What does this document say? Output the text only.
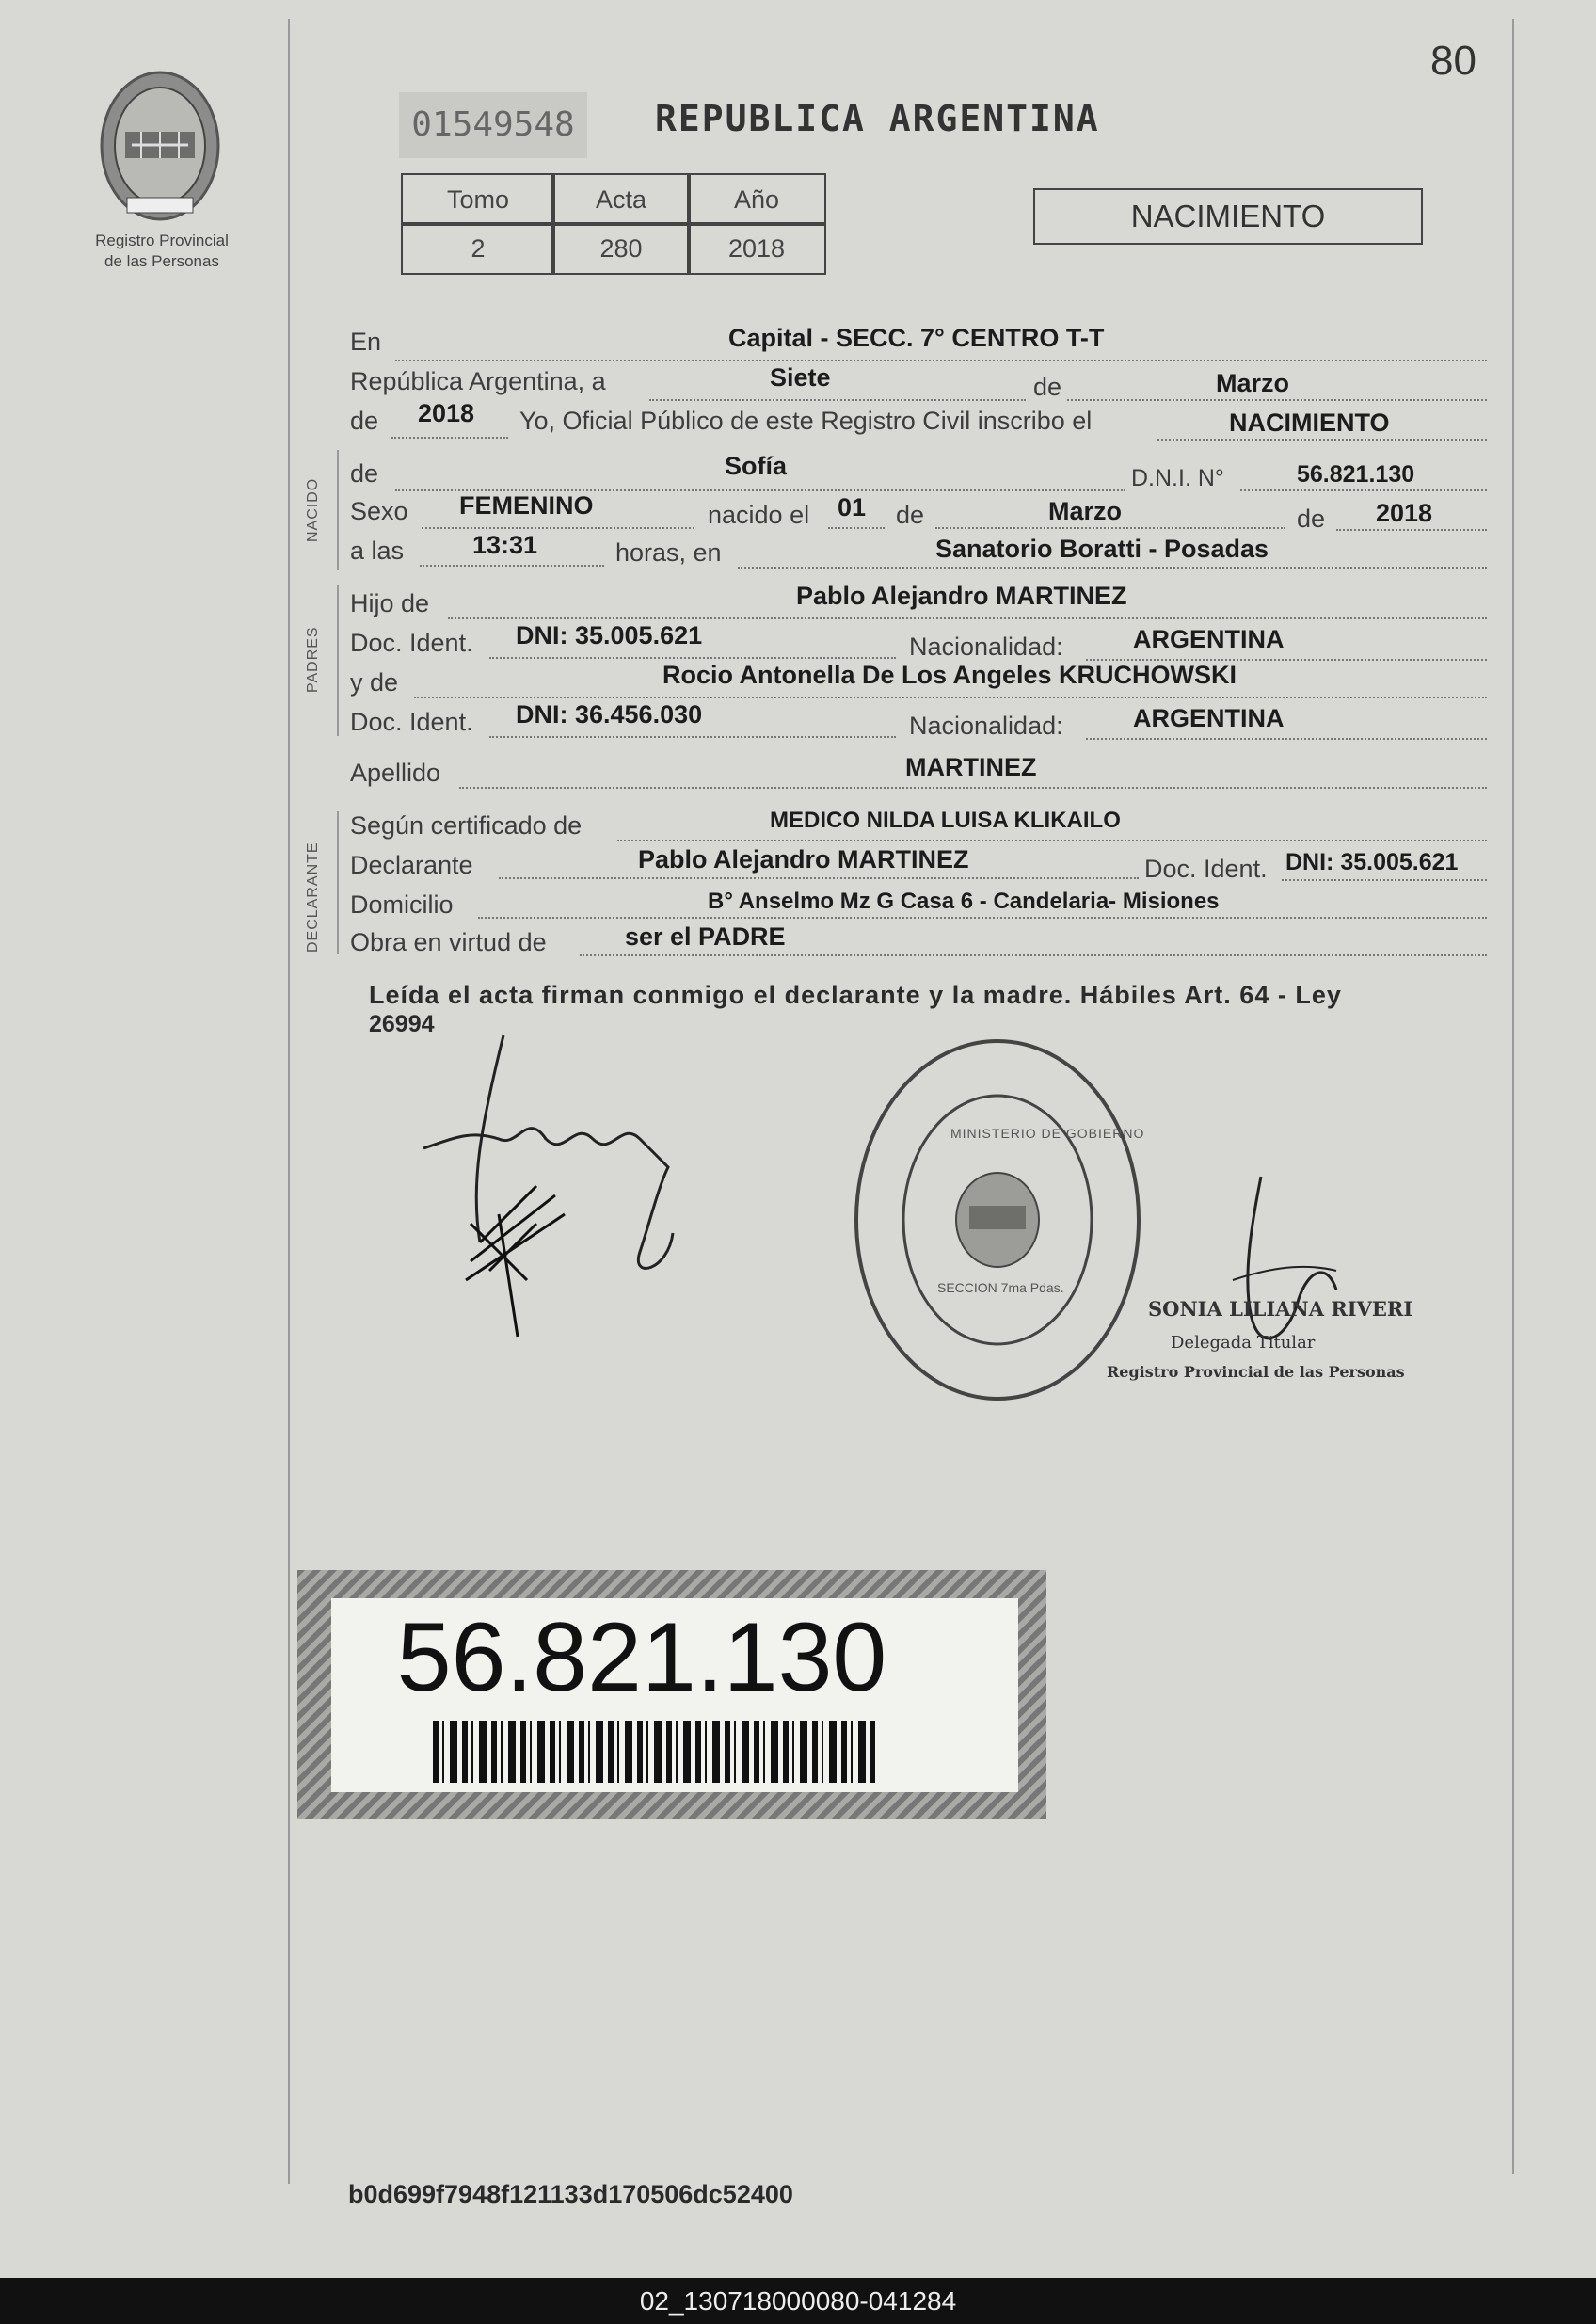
80
Registro Provincial
de las Personas
01549548	REPUBLICA ARGENTINA
Tomo	Acta	Año
2	280	2018
NACIMIENTO
NACIDO
PADRES
DECLARANTE
En	Capital - SECC. 7° CENTRO T-T
República Argentina, a	Siete	de	Marzo
de 2018 Yo, Oficial Público de este Registro Civil inscribo el	NACIMIENTO
de	Sofía	D.N.I. N°	56.821.130
Sexo FEMENINO	nacido el 01 de	Marzo	de 2018
a las	13:31	horas, en	Sanatorio Boratti - Posadas
Hijo de	Pablo Alejandro MARTINEZ
Doc. Ident. DNI: 35.005.621	Nacionalidad:	ARGENTINA
y de	Rocio Antonella De Los Angeles KRUCHOWSKI
Doc. Ident. DNI: 36.456.030	Nacionalidad:	ARGENTINA
Apellido	MARTINEZ
Según certificado de	MEDICO NILDA LUISA KLIKAILO
Declarante	Pablo Alejandro MARTINEZ	Doc. Ident. DNI: 35.005.621
Domicilio	B° Anselmo Mz G Casa 6 - Candelaria- Misiones
Obra en virtud de	ser el PADRE
Leída el acta firman conmigo el declarante y la madre. Hábiles Art. 64 - Ley
26994
MINISTERIO DE GOBIERNO
SECCION 7ma Pdas.
SONIA LILIANA RIVERI
Delegada Titular
Registro Provincial de las Personas
56.821.130
b0d699f7948f121133d170506dc52400
02_130718000080-041284
